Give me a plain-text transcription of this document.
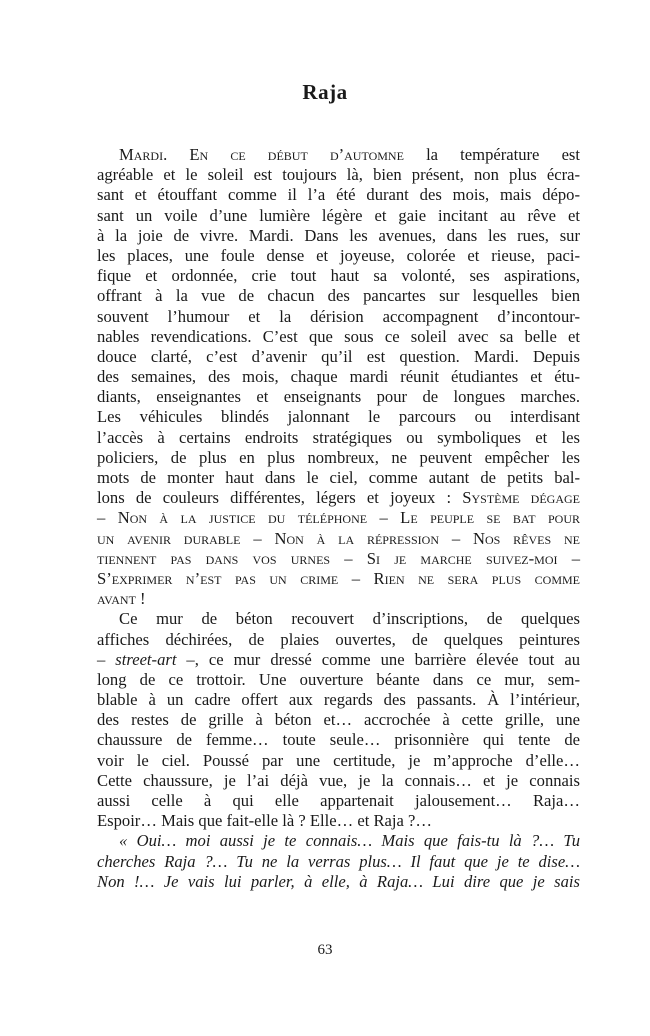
Raja
Mardi. En ce début d’automne la température est
agréable et le soleil est toujours là, bien présent, non plus écra-
sant et étouffant comme il l’a été durant des mois, mais dépo-
sant un voile d’une lumière légère et gaie incitant au rêve et
à la joie de vivre. Mardi. Dans les avenues, dans les rues, sur
les places, une foule dense et joyeuse, colorée et rieuse, paci-
fique et ordonnée, crie tout haut sa volonté, ses aspirations,
offrant à la vue de chacun des pancartes sur lesquelles bien
souvent l’humour et la dérision accompagnent d’incontour-
nables revendications. C’est que sous ce soleil avec sa belle et
douce clarté, c’est d’avenir qu’il est question. Mardi. Depuis
des semaines, des mois, chaque mardi réunit étudiantes et étu-
diants, enseignantes et enseignants pour de longues marches.
Les véhicules blindés jalonnant le parcours ou interdisant
l’accès à certains endroits stratégiques ou symboliques et les
policiers, de plus en plus nombreux, ne peuvent empêcher les
mots de monter haut dans le ciel, comme autant de petits bal-
lons de couleurs différentes, légers et joyeux : Système dégage
– Non à la justice du téléphone – Le peuple se bat pour
un avenir durable – Non à la répression – Nos rêves ne
tiennent pas dans vos urnes – Si je marche suivez-moi –
S’exprimer n’est pas un crime – Rien ne sera plus comme
avant !
Ce mur de béton recouvert d’inscriptions, de quelques
affiches déchirées, de plaies ouvertes, de quelques peintures
– street-art –, ce mur dressé comme une barrière élevée tout au
long de ce trottoir. Une ouverture béante dans ce mur, sem-
blable à un cadre offert aux regards des passants. À l’intérieur,
des restes de grille à béton et… accrochée à cette grille, une
chaussure de femme… toute seule… prisonnière qui tente de
voir le ciel. Poussé par une certitude, je m’approche d’elle…
Cette chaussure, je l’ai déjà vue, je la connais… et je connais
aussi celle à qui elle appartenait jalousement… Raja…
Espoir… Mais que fait-elle là ? Elle… et Raja ?…
« Oui… moi aussi je te connais… Mais que fais-tu là ?… Tu
cherches Raja ?… Tu ne la verras plus… Il faut que je te dise…
Non !… Je vais lui parler, à elle, à Raja… Lui dire que je sais
63
